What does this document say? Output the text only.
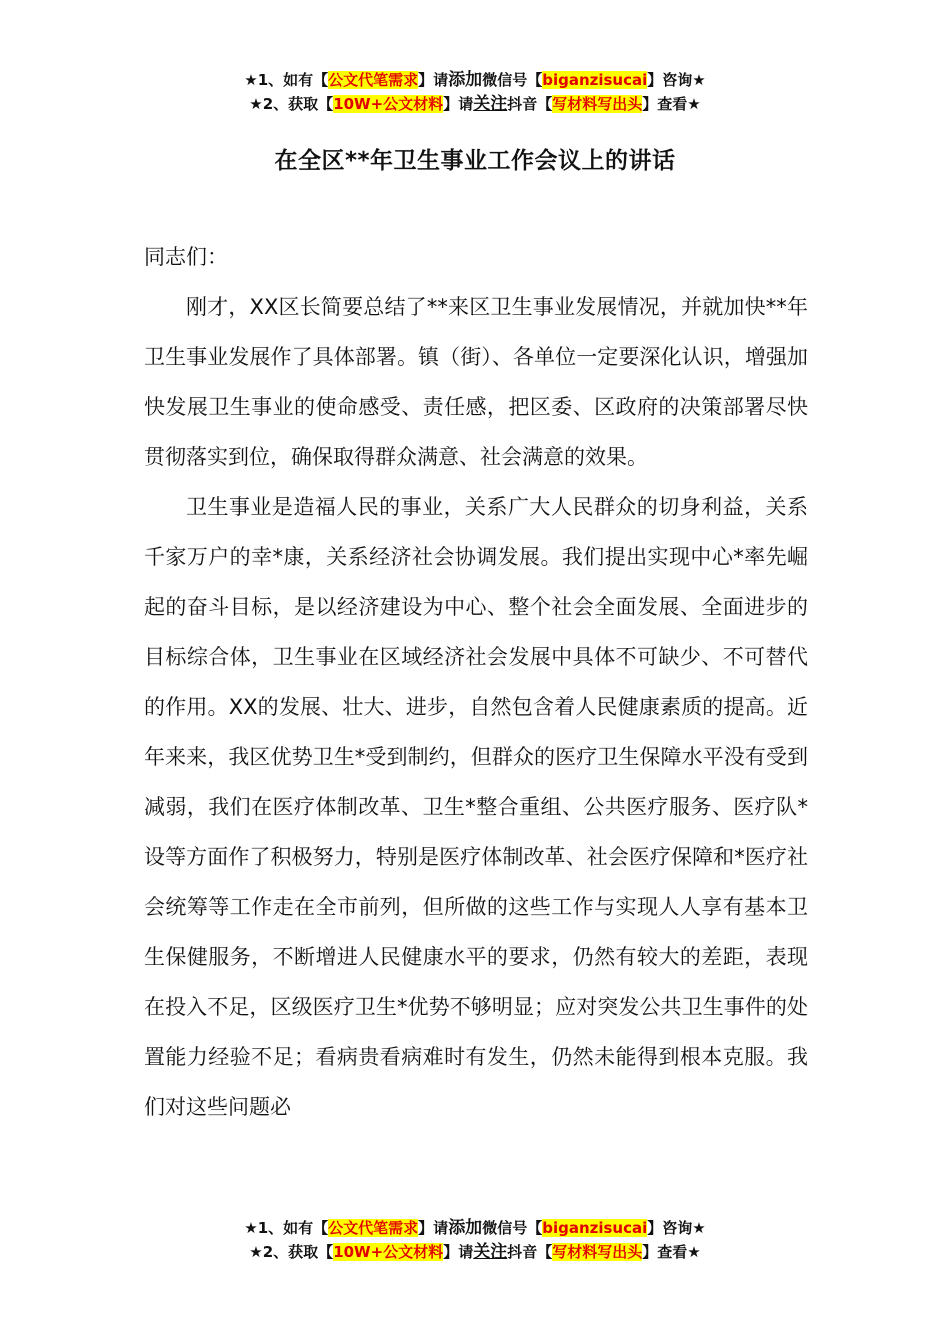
★1、如有【公文代笔需求】请添加微信号【biganzisucai】咨询★
★2、获取【10W+公文材料】请关注抖音【写材料写出头】查看★
在全区**年卫生事业工作会议上的讲话

同志们：

刚才，XX区长简要总结了**来区卫生事业发展情况，并就加快**年卫生事业发展作了具体部署。镇（街）、各单位一定要深化认识，增强加快发展卫生事业的使命感受、责任感，把区委、区政府的决策部署尽快贯彻落实到位，确保取得群众满意、社会满意的效果。

卫生事业是造福人民的事业，关系广大人民群众的切身利益，关系千家万户的幸*康，关系经济社会协调发展。我们提出实现中心*率先崛起的奋斗目标，是以经济建设为中心、整个社会全面发展、全面进步的目标综合体，卫生事业在区域经济社会发展中具体不可缺少、不可替代的作用。XX的发展、壮大、进步，自然包含着人民健康素质的提高。近年来来，我区优势卫生*受到制约，但群众的医疗卫生保障水平没有受到减弱，我们在医疗体制改革、卫生*整合重组、公共医疗服务、医疗队*设等方面作了积极努力，特别是医疗体制改革、社会医疗保障和*医疗社会统筹等工作走在全市前列，但所做的这些工作与实现人人享有基本卫生保健服务，不断增进人民健康水平的要求，仍然有较大的差距，表现在投入不足，区级医疗卫生*优势不够明显；应对突发公共卫生事件的处置能力经验不足；看病贵看病难时有发生，仍然未能得到根本克服。我们对这些问题必

★1、如有【公文代笔需求】请添加微信号【biganzisucai】咨询★
★2、获取【10W+公文材料】请关注抖音【写材料写出头】查看★
